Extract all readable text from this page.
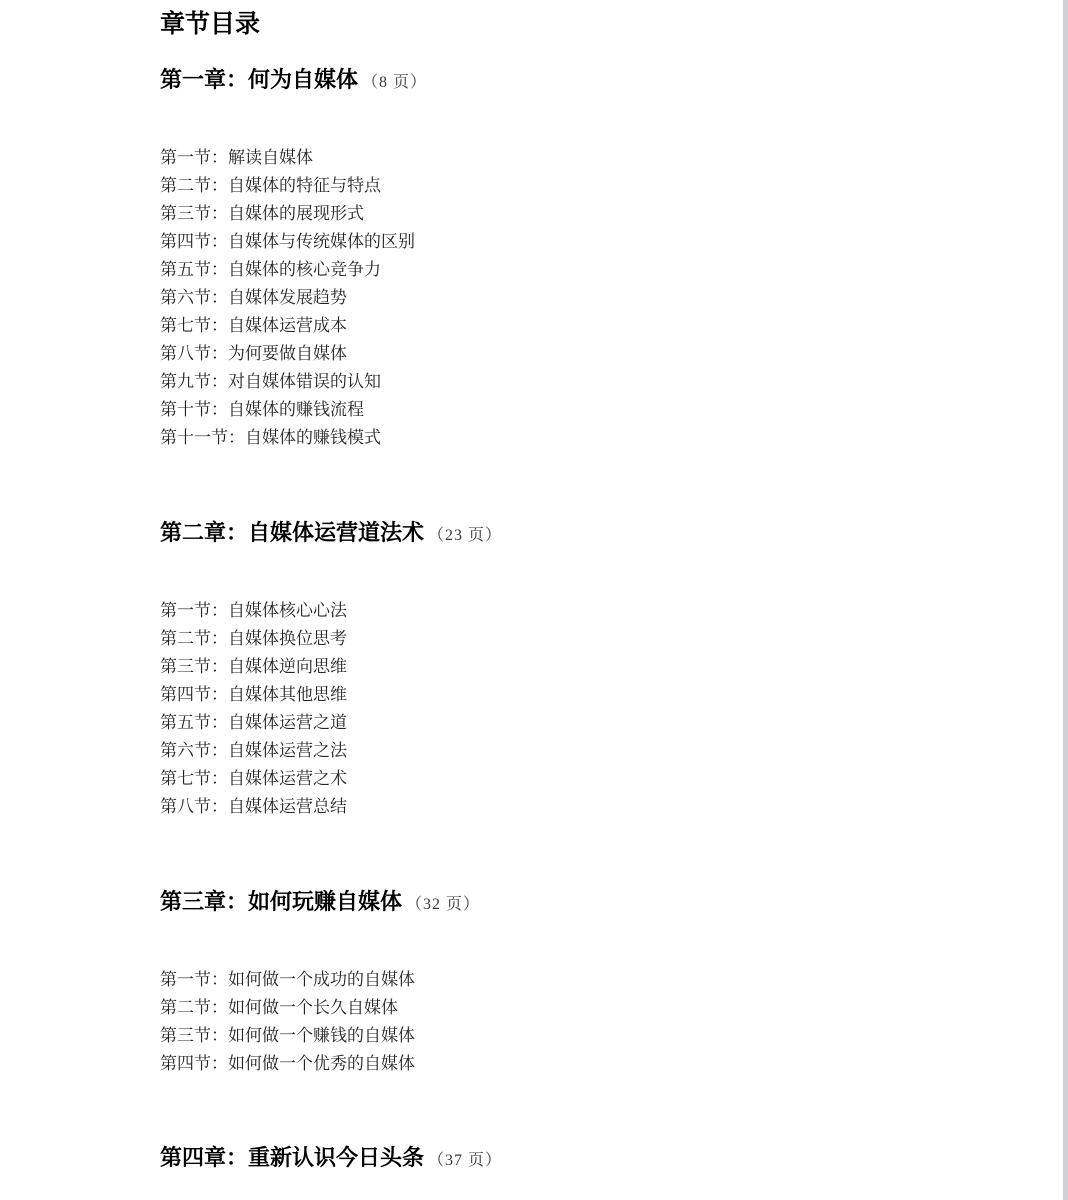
章节目录
第一章：何为自媒体 （8 页）
第一节：解读自媒体
第二节：自媒体的特征与特点
第三节：自媒体的展现形式
第四节：自媒体与传统媒体的区别
第五节：自媒体的核心竞争力
第六节：自媒体发展趋势
第七节：自媒体运营成本
第八节：为何要做自媒体
第九节：对自媒体错误的认知
第十节：自媒体的赚钱流程
第十一节：自媒体的赚钱模式
第二章：自媒体运营道法术 （23 页）
第一节：自媒体核心心法
第二节：自媒体换位思考
第三节：自媒体逆向思维
第四节：自媒体其他思维
第五节：自媒体运营之道
第六节：自媒体运营之法
第七节：自媒体运营之术
第八节：自媒体运营总结
第三章：如何玩赚自媒体 （32 页）
第一节：如何做一个成功的自媒体
第二节：如何做一个长久自媒体
第三节：如何做一个赚钱的自媒体
第四节：如何做一个优秀的自媒体
第四章：重新认识今日头条 （37 页）
